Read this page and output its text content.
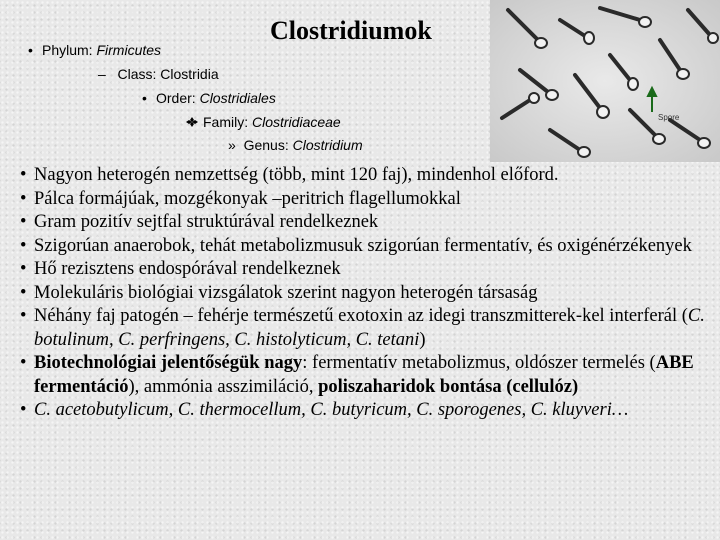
Clostridiumok
• Phylum: Firmicutes
– Class: Clostridia
• Order: Clostridiales
Family: Clostridiaceae
» Genus: Clostridium
Spore
• Nagyon heterogén nemzettség (több, mint 120 faj), mindenhol előford.
• Pálca formájúak, mozgékonyak –peritrich flagellumokkal
• Gram pozitív sejtfal struktúrával rendelkeznek
• Szigorúan anaerobok, tehát metabolizmusuk szigorúan fermentatív, és oxigénérzékenyek
• Hő rezisztens endospórával rendelkeznek
• Molekuláris biológiai vizsgálatok szerint nagyon heterogén társaság
• Néhány faj patogén – fehérje természetű exotoxin az idegi transzmitterek-kel interferál (C. botulinum, C. perfringens, C. histolyticum, C. tetani)
• Biotechnológiai jelentőségük nagy: fermentatív metabolizmus, oldószer termelés (ABE fermentáció), ammónia asszimiláció, poliszaharidok bontása (cellulóz)
• C. acetobutylicum, C. thermocellum, C. butyricum, C. sporogenes, C. kluyveri…
